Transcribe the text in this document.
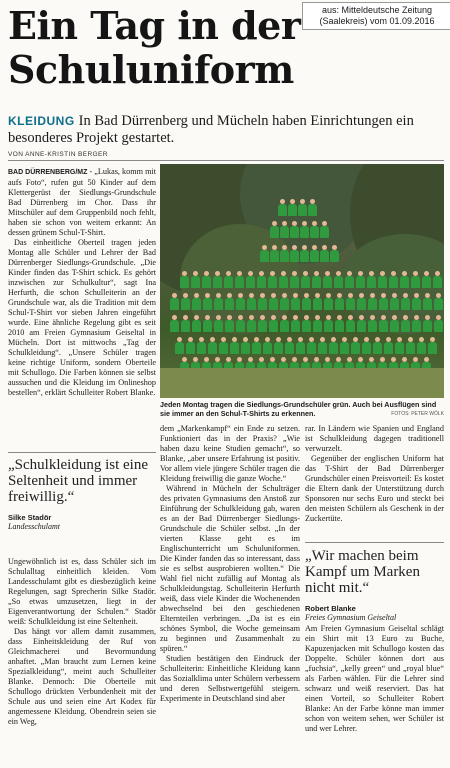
Ein Tag in der Schuluniform
aus: Mitteldeutsche Zeitung (Saalekreis) vom 01.09.2016
KLEIDUNG In Bad Dürrenberg und Mücheln haben Einrichtungen ein besonderes Projekt gestartet.
VON ANNE-KRISTIN BERGER

BAD DÜRRENBERG/MZ - „Lukas, komm mit aufs Foto“, rufen gut 50 Kinder auf dem Klettergerüst der Siedlungs-Grundschule Bad Dürrenberg im Chor. Dass ihr Mitschüler auf dem Gruppenbild noch fehlt, haben sie schon von weitem erkannt: An dessen grünem Schul-T-Shirt.

Das einheitliche Oberteil tragen jeden Montag alle Schüler und Lehrer der Bad Dürrenberger Siedlungs-Grundschule. „Die Kinder finden das T-Shirt schick. Es gehört inzwischen zur Schulkultur“, sagt Ina Herfurth, die schon Schulleiterin an der Grundschule war, als die Tradition mit dem Schul-T-Shirt vor sieben Jahren eingeführt wurde. Eine ähnliche Regelung gibt es seit 2010 am Freien Gymnasium Geiseltal in Mücheln. Dort ist mittwochs „Tag der Schulkleidung“. „Unsere Schüler tragen keine richtige Uniform, sondern Oberteile mit Schullogo. Die Farben können sie selbst aussuchen und die Kleidung im Onlineshop bestellen“, erklärt Schulleiter Robert Blanke.

„Schulkleidung ist eine Seltenheit und immer freiwillig.“
Silke Stadör
Landesschulamt

Ungewöhnlich ist es, dass Schüler sich im Schulalltag einheitlich kleiden. Vom Landesschulamt gibt es diesbezüglich keine Regelungen, sagt Sprecherin Silke Stadör. „So etwas umzusetzen, liegt in der Eigenverantwortung der Schulen.“ Stadör weiß: Schulkleidung ist eine Seltenheit.

Das hängt vor allem damit zusammen, dass Einheitskleidung der Ruf von Gleichmacherei und Bevormundung anhaftet. „Man braucht zum Lernen keine Spezialkleidung“, meint auch Schulleiter Blanke. Dennoch: Die Oberteile mit Schullogo drückten Verbundenheit mit der Schule aus und seien eine Art Kodex für angemessene Kleidung. Obendrein seien sie ein Weg,

Jeden Montag tragen die Siedlungs-Grundschüler grün. Auch bei Ausflügen sind sie immer an den Schul-T-Shirts zu erkennen.	FOTOS: PETER WÖLK

dem „Markenkampf“ ein Ende zu setzen. Funktioniert das in der Praxis? „Wie haben dazu keine Studien gemacht“, so Blanke, „aber unsere Erfahrung ist positiv. Vor allem viele jüngere Schüler tragen die Kleidung freiwillig die ganze Woche.“

Während in Mücheln der Schulträger des privaten Gymnasiums den Anstoß zur Einführung der Schulkleidung gab, waren es an der Bad Dürrenberger Siedlungs-Grundschule die Schüler selbst. „In der vierten Klasse geht es im Englischunterricht um Schuluniformen. Die Kinder fanden das so interessant, dass sie es selbst ausprobieren wollten.“ Die Wahl fiel nicht zufällig auf Montag als Schulkleidungstag. Schulleiterin Herfurth weiß, dass viele Kinder die Wochenenden abwechselnd bei den geschiedenen Elternteilen verbringen. „Da ist es ein schönes Symbol, die Woche gemeinsam zu beginnen und Zusammenhalt zu spüren.“

Studien bestätigen den Eindruck der Schulleiterin: Einheitliche Kleidung kann das Sozialklima unter Schülern verbessern und deren Selbstwertgefühl steigern. Experimente in Deutschland sind aber

rar. In Ländern wie Spanien und England ist Schulkleidung dagegen traditionell verwurzelt.

Gegenüber der englischen Uniform hat das T-Shirt der Bad Dürrenberger Grundschüler einen Preisvorteil: Es kostet die Eltern dank der Unterstützung durch Sponsoren nur sechs Euro und steckt bei den meisten Schülern als Geschenk in der Zuckertüte.

„Wir machen beim Kampf um Marken nicht mit.“
Robert Blanke
Freies Gymnasium Geiseltal

Am Freien Gymnasium Geiseltal schlägt ein Shirt mit 13 Euro zu Buche, Kapuzenjacken mit Schullogo kosten das Doppelte. Schüler können dort aus „fuchsia“, „kelly green“ und „royal blue“ als Farben wählen. Für die Lehrer sind schwarz und weiß reserviert. Das hat einen Vorteil, so Schulleiter Robert Blanke: An der Farbe könne man immer schon von weitem sehen, wer Schüler ist und wer Lehrer.
